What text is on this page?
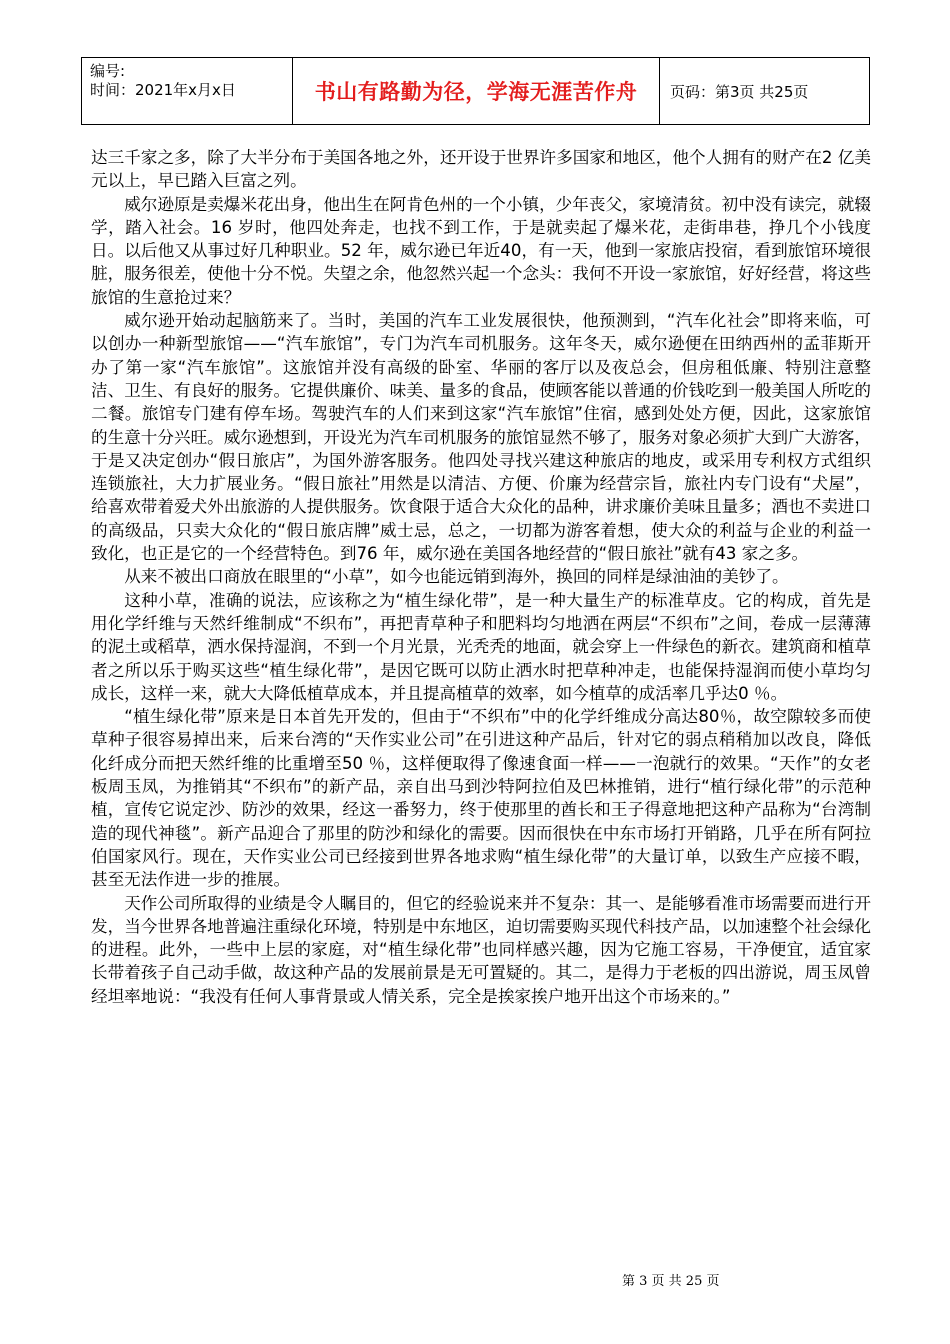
编号:
时间：2021年x月x日	书山有路勤为径，学海无涯苦作舟 页码：第3页 共25页

达三千家之多，除了大半分布于美国各地之外，还开设于世界许多国家和地区，他个人拥有的财产在2 亿美元以上，早已踏入巨富之列。

威尔逊原是卖爆米花出身，他出生在阿肯色州的一个小镇，少年丧父，家境清贫。初中没有读完，就辍学，踏入社会。16 岁时，他四处奔走，也找不到工作，于是就卖起了爆米花，走街串巷，挣几个小钱度日。以后他又从事过好几种职业。52 年，威尔逊已年近40，有一天，他到一家旅店投宿，看到旅馆环境很脏，服务很差，使他十分不悦。失望之余，他忽然兴起一个念头：我何不开设一家旅馆，好好经营，将这些旅馆的生意抢过来？

威尔逊开始动起脑筋来了。当时，美国的汽车工业发展很快，他预测到，“汽车化社会”即将来临，可以创办一种新型旅馆——“汽车旅馆”，专门为汽车司机服务。这年冬天，威尔逊便在田纳西州的孟菲斯开办了第一家“汽车旅馆”。这旅馆并没有高级的卧室、华丽的客厅以及夜总会，但房租低廉、特别注意整洁、卫生、有良好的服务。它提供廉价、味美、量多的食品，使顾客能以普通的价钱吃到一般美国人所吃的二餐。旅馆专门建有停车场。驾驶汽车的人们来到这家“汽车旅馆”住宿，感到处处方便，因此，这家旅馆的生意十分兴旺。威尔逊想到，开设光为汽车司机服务的旅馆显然不够了，服务对象必须扩大到广大游客，于是又决定创办“假日旅店”，为国外游客服务。他四处寻找兴建这种旅店的地皮，或采用专利权方式组织连锁旅社，大力扩展业务。“假日旅社”用然是以清洁、方便、价廉为经营宗旨，旅社内专门设有“犬屋”，给喜欢带着爱犬外出旅游的人提供服务。饮食限于适合大众化的品种，讲求廉价美味且量多；酒也不卖进口的高级品，只卖大众化的“假日旅店牌”威士忌，总之，一切都为游客着想，使大众的利益与企业的利益一致化，也正是它的一个经营特色。到76 年，威尔逊在美国各地经营的“假日旅社”就有43 家之多。

从来不被出口商放在眼里的“小草”，如今也能远销到海外，换回的同样是绿油油的美钞了。

这种小草，准确的说法，应该称之为“植生绿化带”，是一种大量生产的标准草皮。它的构成，首先是用化学纤维与天然纤维制成“不织布”，再把青草种子和肥料均匀地洒在两层“不织布”之间，卷成一层薄薄的泥土或稻草，洒水保持湿润，不到一个月光景，光秃秃的地面，就会穿上一件绿色的新衣。建筑商和植草者之所以乐于购买这些“植生绿化带”，是因它既可以防止洒水时把草种冲走，也能保持湿润而使小草均匀成长，这样一来，就大大降低植草成本，并且提高植草的效率，如今植草的成活率几乎达0 ％。

“植生绿化带”原来是日本首先开发的，但由于“不织布”中的化学纤维成分高达80％，故空隙较多而使草种子很容易掉出来，后来台湾的“天作实业公司”在引进这种产品后，针对它的弱点稍稍加以改良，降低化纤成分而把天然纤维的比重增至50 ％，这样便取得了像速食面一样——一泡就行的效果。“天作”的女老板周玉凤，为推销其“不织布”的新产品，亲自出马到沙特阿拉伯及巴林推销，进行“植行绿化带”的示范种植，宣传它说定沙、防沙的效果，经这一番努力，终于使那里的酋长和王子得意地把这种产品称为“台湾制造的现代神毯”。新产品迎合了那里的防沙和绿化的需要。因而很快在中东市场打开销路，几乎在所有阿拉伯国家风行。现在，天作实业公司已经接到世界各地求购“植生绿化带”的大量订单，以致生产应接不暇，甚至无法作进一步的推展。

天作公司所取得的业绩是令人瞩目的，但它的经验说来并不复杂：其一、是能够看准市场需要而进行开发，当今世界各地普遍注重绿化环境，特别是中东地区，迫切需要购买现代科技产品，以加速整个社会绿化的进程。此外，一些中上层的家庭，对“植生绿化带”也同样感兴趣，因为它施工容易，干净便宜，适宜家长带着孩子自己动手做，故这种产品的发展前景是无可置疑的。其二，是得力于老板的四出游说，周玉凤曾经坦率地说：“我没有任何人事背景或人情关系，完全是挨家挨户地开出这个市场来的。”

第 3 页 共 25 页
